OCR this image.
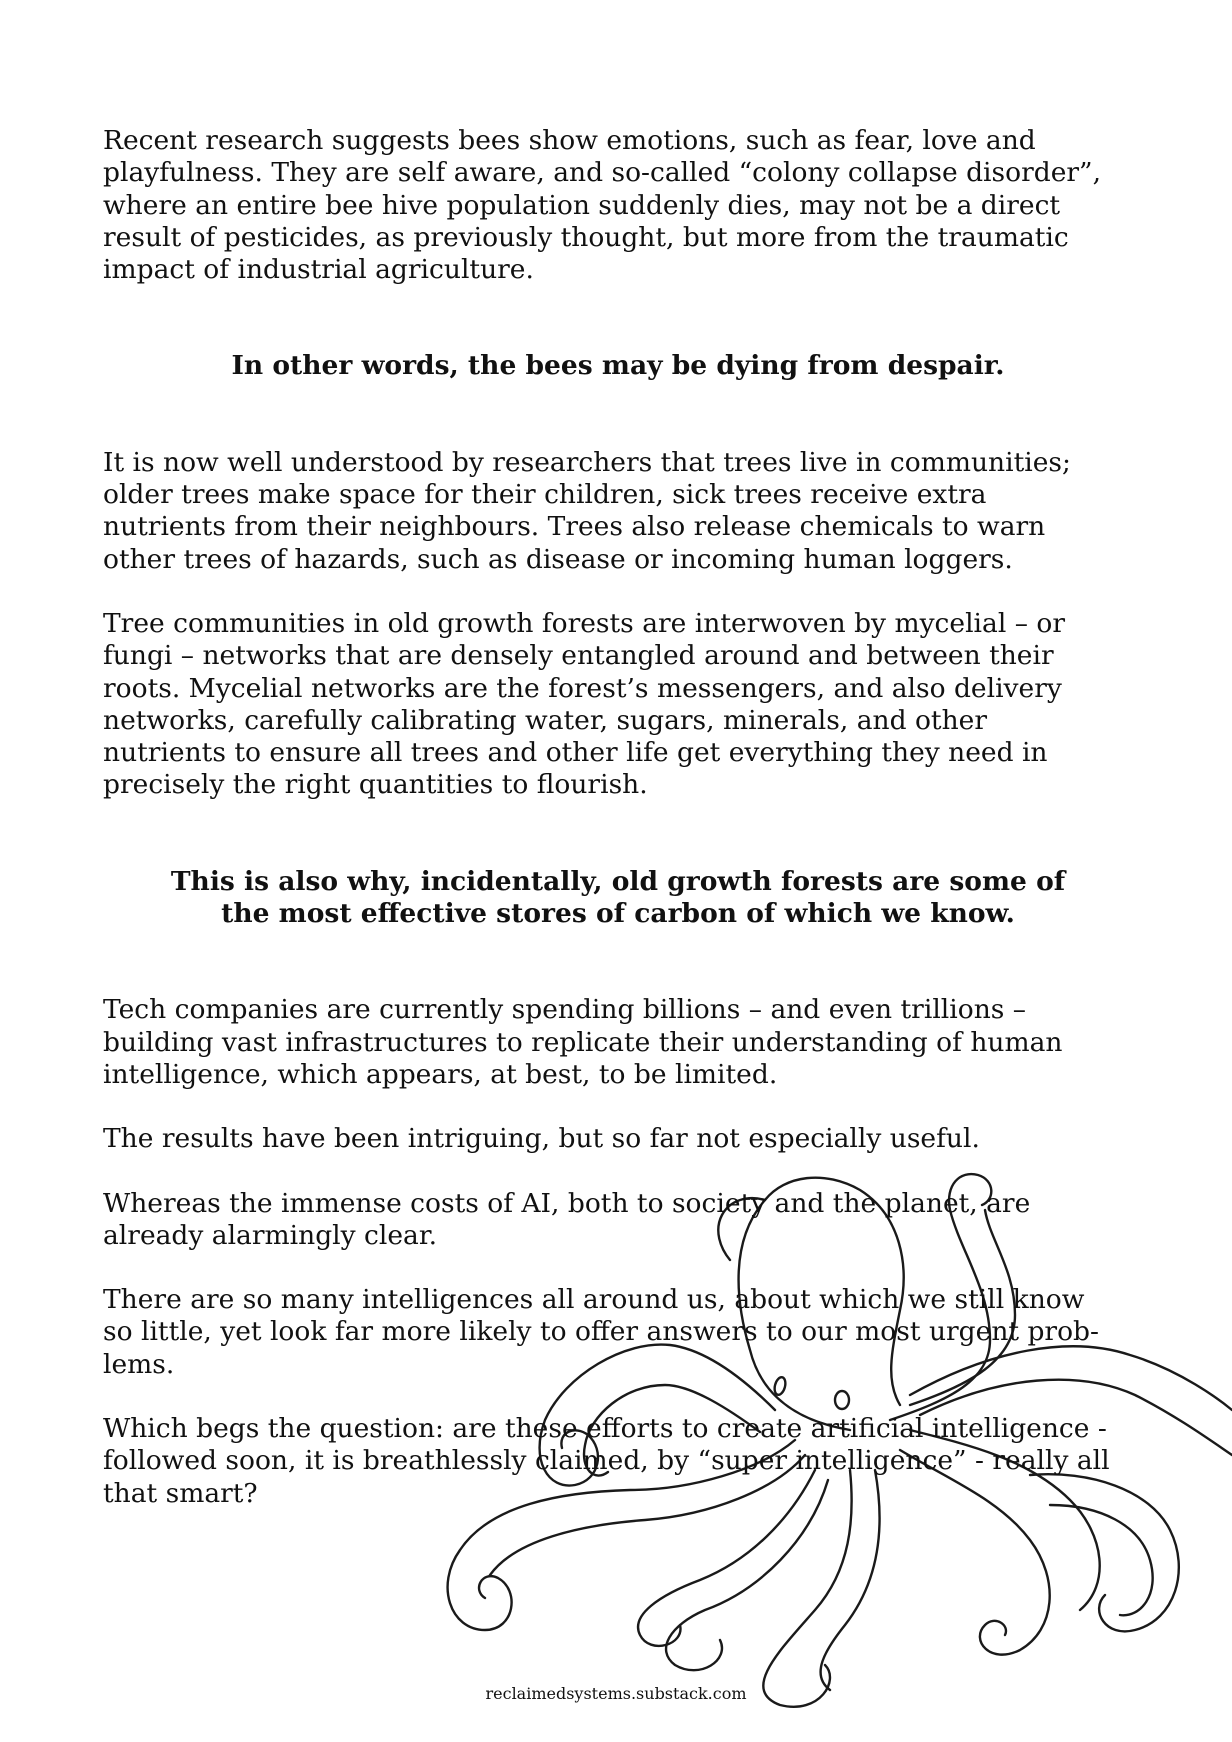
Recent research suggests bees show emotions, such as fear, love and
playfulness. They are self aware, and so-called “colony collapse disorder”,
where an entire bee hive population suddenly dies, may not be a direct
result of pesticides, as previously thought, but more from the traumatic
impact of industrial agriculture.

In other words, the bees may be dying from despair.

It is now well understood by researchers that trees live in communities;
older trees make space for their children, sick trees receive extra
nutrients from their neighbours. Trees also release chemicals to warn
other trees of hazards, such as disease or incoming human loggers.

Tree communities in old growth forests are interwoven by mycelial – or
fungi – networks that are densely entangled around and between their
roots. Mycelial networks are the forest’s messengers, and also delivery
networks, carefully calibrating water, sugars, minerals, and other
nutrients to ensure all trees and other life get everything they need in
precisely the right quantities to flourish.

This is also why, incidentally, old growth forests are some of
the most effective stores of carbon of which we know.

Tech companies are currently spending billions – and even trillions –
building vast infrastructures to replicate their understanding of human
intelligence, which appears, at best, to be limited.

The results have been intriguing, but so far not especially useful.

Whereas the immense costs of AI, both to society and the planet, are
already alarmingly clear.

There are so many intelligences all around us, about which we still know
so little, yet look far more likely to offer answers to our most urgent prob-
lems.

Which begs the question: are these efforts to create artificial intelligence -
followed soon, it is breathlessly claimed, by “super intelligence” - really all
that smart?

reclaimedsystems.substack.com
